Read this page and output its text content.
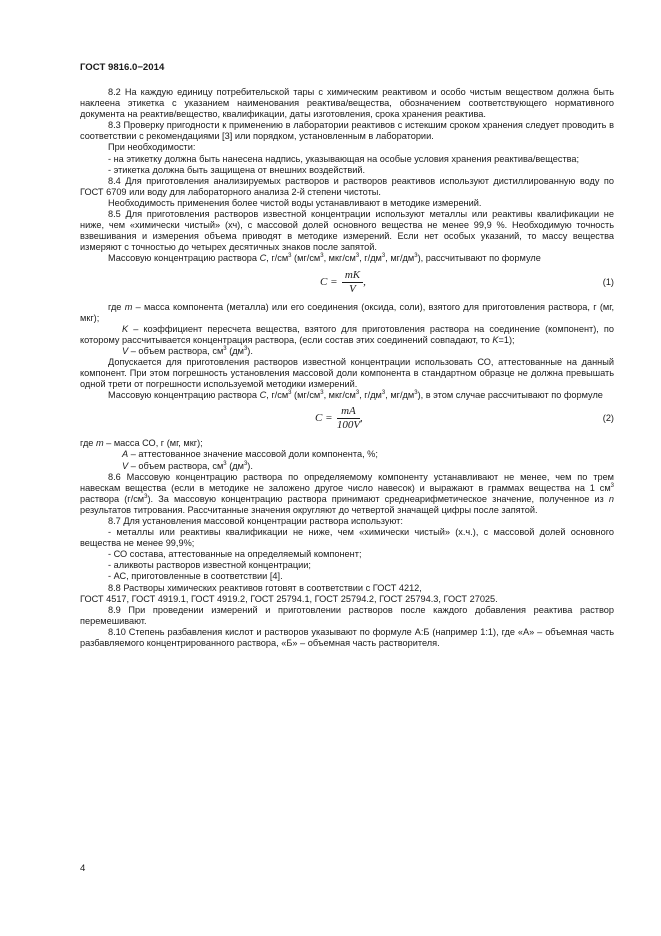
ГОСТ 9816.0−2014

8.2 На каждую единицу потребительской тары с химическим реактивом и особо чистым веществом должна быть наклеена этикетка с указанием наименования реактива/вещества, обозначением соответствующего нормативного документа на реактив/вещество, квалификации, даты изготовления, срока хранения реактива.

8.3 Проверку пригодности к применению в лаборатории реактивов с истекшим сроком хранения следует проводить в соответствии с рекомендациями [3] или порядком, установленным в лаборатории.

При необходимости:

- на этикетку должна быть нанесена надпись, указывающая на особые условия хранения реактива/вещества;

- этикетка должна быть защищена от внешних воздействий.

8.4 Для приготовления анализируемых растворов и растворов реактивов используют дистиллированную воду по ГОСТ 6709 или воду для лабораторного анализа 2-й степени чистоты.

Необходимость применения более чистой воды устанавливают в методике измерений.

8.5 Для приготовления растворов известной концентрации используют металлы или реактивы квалификации не ниже, чем «химически чистый» (хч), с массовой долей основного вещества не менее 99,9 %. Необходимую точность взвешивания и измерения объема приводят в методике измерений. Если нет особых указаний, то массу вещества измеряют с точностью до четырех десятичных знаков после запятой.

Массовую концентрацию раствора C, $г/см^3$ ($мг/см^3$, мкг/$см^3$, $г/дм^3$, $мг/дм^3$), рассчитывают по формуле

$C = \frac{mK}{V}$ ,	(1)

где m – масса компонента (металла) или его соединения (оксида, соли), взятого для приготовления раствора, г (мг, мкг);

K – коэффициент пересчета вещества, взятого для приготовления раствора на соединение (компонент), по которому рассчитывается концентрация раствора, (если состав этих соединений совпадают, то K=1);

V – объем раствора, $см^3$ $(дм^3)$.

Допускается для приготовления растворов известной концентрации использовать СО, аттестованные на данный компонент. При этом погрешность установления массовой доли компонента в стандартном образце не должна превышать одной трети от погрешности используемой методики измерений.

Массовую концентрацию раствора C, $г/см^3$ ($мг/см^3$, мкг/$см^3$, $г/дм^3$, $мг/дм^3$), в этом случае рассчитывают по формуле

$C = \frac{mA}{100V}$ ,	(2)

где m – масса СО, г (мг, мкг);

A – аттестованное значение массовой доли компонента, %;

V – объем раствора, $см^3$ $(дм^3)$.

8.6 Массовую концентрацию раствора по определяемому компоненту устанавливают не менее, чем по трем навескам вещества (если в методике не заложено другое число навесок) и выражают в граммах вещества на 1 $см^3$ раствора $(г/см^3)$. За массовую концентрацию раствора принимают среднеарифметическое значение, полученное из n результатов титрования. Рассчитанные значения округляют до четвертой значащей цифры после запятой.

8.7 Для установления массовой концентрации раствора используют:

- металлы или реактивы квалификации не ниже, чем «химически чистый» (х.ч.), с массовой долей основного вещества не менее 99,9%;

- СО состава, аттестованные на определяемый компонент;

- аликвоты растворов известной концентрации;

- АС, приготовленные в соответствии [4].

8.8 Растворы химических реактивов готовят в соответствии с ГОСТ 4212,

ГОСТ 4517, ГОСТ 4919.1, ГОСТ 4919.2, ГОСТ 25794.1, ГОСТ 25794.2, ГОСТ 25794.3, ГОСТ 27025.

8.9 При проведении измерений и приготовлении растворов после каждого добавления реактива раствор перемешивают.

8.10 Степень разбавления кислот и растворов указывают по формуле А:Б (например 1:1), где «А» – объемная часть разбавляемого концентрированного раствора, «Б» – объемная часть растворителя.

4
